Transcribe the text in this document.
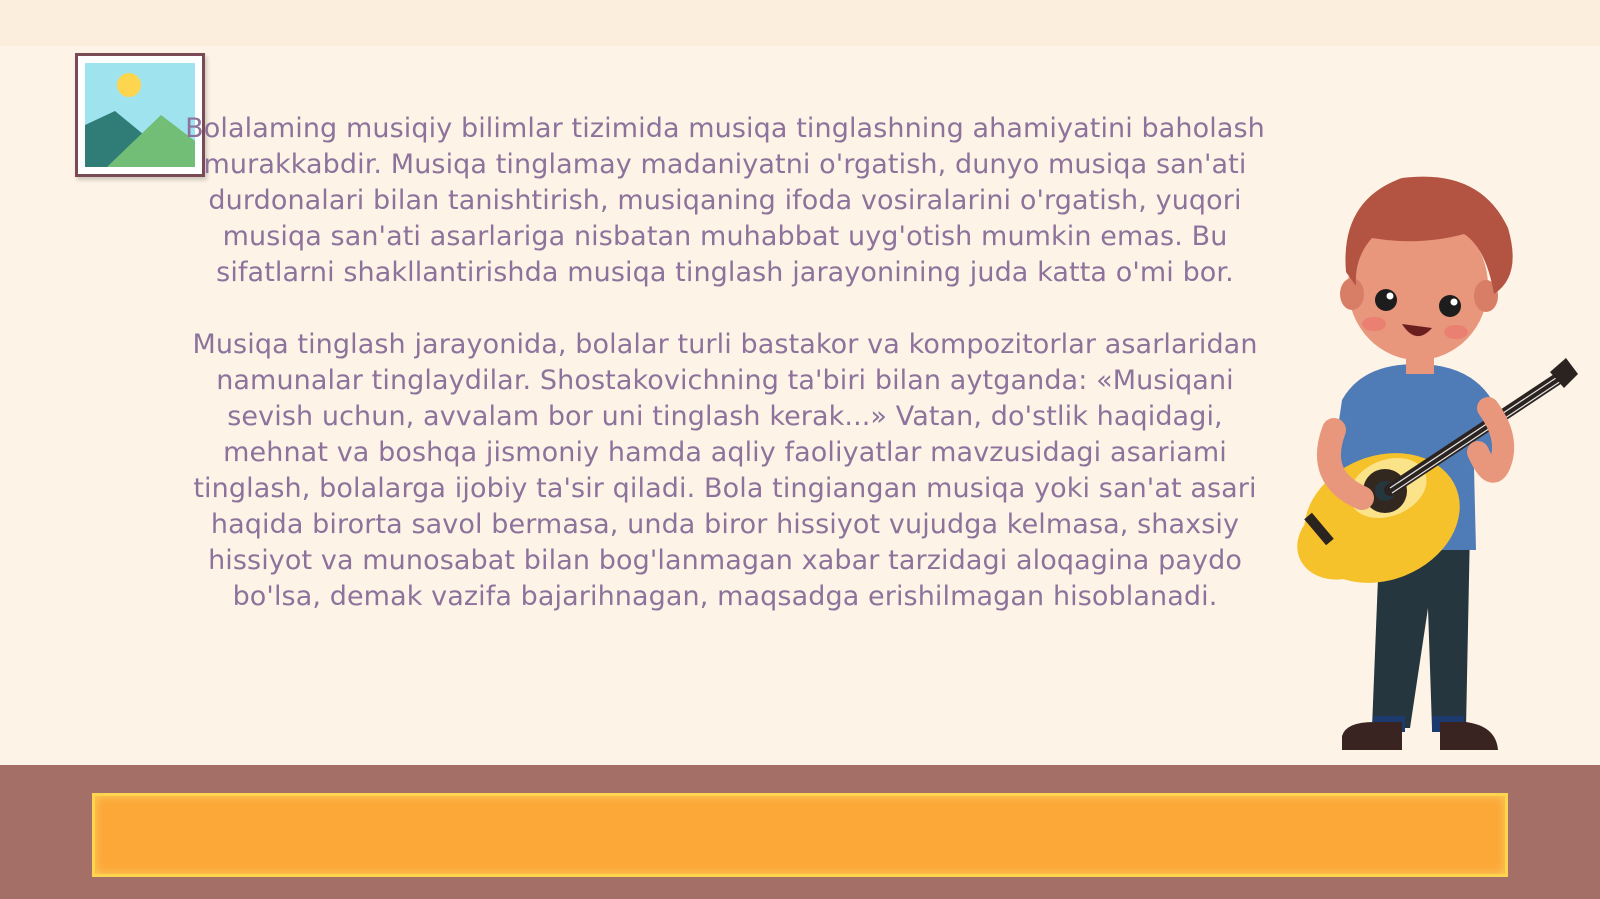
Bolalaming musiqiy bilimlar tizimida musiqa tinglashning ahamiyatini baholash murakkabdir. Musiqa tinglamay madaniyatni o'rgatish, dunyo musiqa san'ati durdonalari bilan tanishtirish, musiqaning ifoda vosiralarini o'rgatish, yuqori musiqa san'ati asarlariga nisbatan muhabbat uyg'otish mumkin emas. Bu sifatlarni shakllantirishda musiqa tinglash jarayonining juda katta o'mi bor.

Musiqa tinglash jarayonida, bolalar turli bastakor va kompozitorlar asarlaridan namunalar tinglaydilar. Shostakovichning ta'biri bilan aytganda: «Musiqani sevish uchun, avvalam bor uni tinglash kerak...» Vatan, do'stlik haqidagi, mehnat va boshqa jismoniy hamda aqliy faoliyatlar mavzusidagi asariami tinglash, bolalarga ijobiy ta'sir qiladi. Bola tingiangan musiqa yoki san'at asari haqida birorta savol bermasa, unda biror hissiyot vujudga kelmasa, shaxsiy hissiyot va munosabat bilan bog'lanmagan xabar tarzidagi aloqagina paydo bo'lsa, demak vazifa bajarihnagan, maqsadga erishilmagan hisoblanadi.
